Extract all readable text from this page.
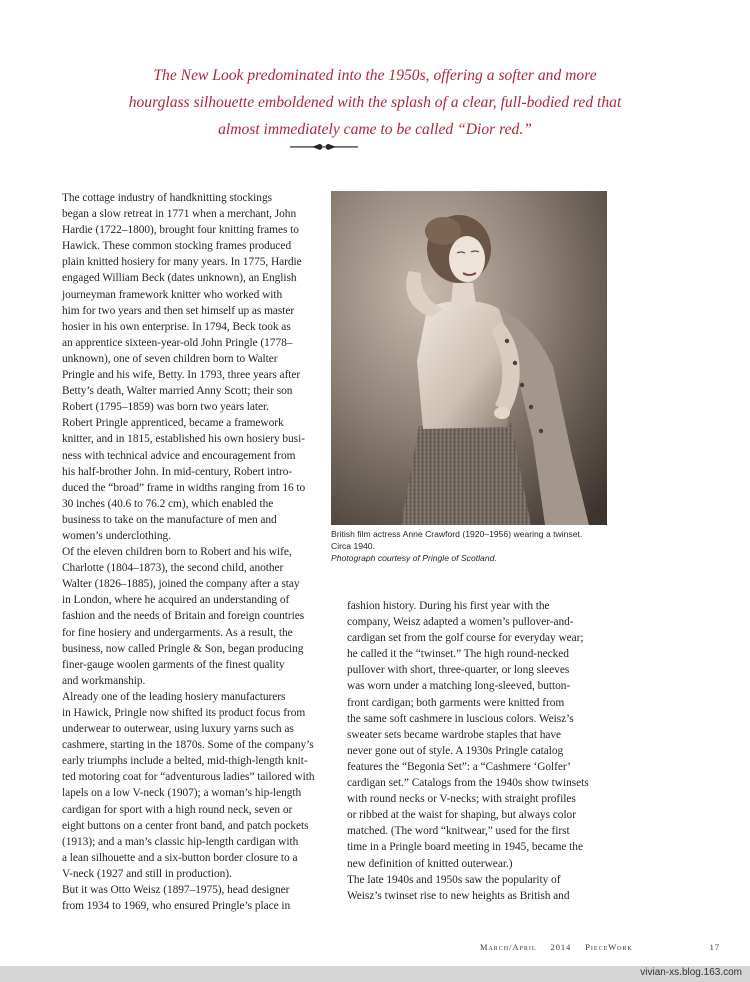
The New Look predominated into the 1950s, offering a softer and more

hourglass silhouette emboldened with the splash of a clear, full-bodied red that

almost immediately came to be called “Dior red.”

The cottage industry of handknitting stockings
began a slow retreat in 1771 when a merchant, John
Hardie (1722–1800), brought four knitting frames to
Hawick. These common stocking frames produced
plain knitted hosiery for many years. In 1775, Hardie
engaged William Beck (dates unknown), an English
journeyman framework knitter who worked with
him for two years and then set himself up as master
hosier in his own enterprise. In 1794, Beck took as
an apprentice sixteen-year-old John Pringle (1778–
unknown), one of seven children born to Walter
Pringle and his wife, Betty. In 1793, three years after
Betty’s death, Walter married Anny Scott; their son
Robert (1795–1859) was born two years later.

Robert Pringle apprenticed, became a framework
knitter, and in 1815, established his own hosiery busi-
ness with technical advice and encouragement from
his half-brother John. In mid-century, Robert intro-
duced the “broad” frame in widths ranging from 16 to
30 inches (40.6 to 76.2 cm), which enabled the
business to take on the manufacture of men and
women’s underclothing.

Of the eleven children born to Robert and his wife,
Charlotte (1804–1873), the second child, another
Walter (1826–1885), joined the company after a stay
in London, where he acquired an understanding of
fashion and the needs of Britain and foreign countries
for fine hosiery and undergarments. As a result, the
business, now called Pringle & Son, began producing
finer-gauge woolen garments of the finest quality
and workmanship.

Already one of the leading hosiery manufacturers
in Hawick, Pringle now shifted its product focus from
underwear to outerwear, using luxury yarns such as
cashmere, starting in the 1870s. Some of the company’s
early triumphs include a belted, mid-thigh-length knit-
ted motoring coat for “adventurous ladies” tailored with
lapels on a low V-neck (1907); a woman’s hip-length
cardigan for sport with a high round neck, seven or
eight buttons on a center front band, and patch pockets
(1913); and a man’s classic hip-length cardigan with
a lean silhouette and a six-button border closure to a
V-neck (1927 and still in production).

But it was Otto Weisz (1897–1975), head designer
from 1934 to 1969, who ensured Pringle’s place in

British film actress Anne Crawford (1920–1956) wearing a twinset.
Circa 1940.
Photograph courtesy of Pringle of Scotland.

fashion history. During his first year with the
company, Weisz adapted a women’s pullover-and-
cardigan set from the golf course for everyday wear;
he called it the “twinset.” The high round-necked
pullover with short, three-quarter, or long sleeves
was worn under a matching long-sleeved, button-
front cardigan; both garments were knitted from
the same soft cashmere in luscious colors. Weisz’s
sweater sets became wardrobe staples that have
never gone out of style. A 1930s Pringle catalog
features the “Begonia Set”: a “Cashmere ‘Golfer’
cardigan set.” Catalogs from the 1940s show twinsets
with round necks or V-necks; with straight profiles
or ribbed at the waist for shaping, but always color
matched. (The word “knitwear,” used for the first
time in a Pringle board meeting in 1945, became the
new definition of knitted outerwear.)

The late 1940s and 1950s saw the popularity of
Weisz’s twinset rise to new heights as British and

March/April 2014 PieceWork	17
vivian-xs.blog.163.com
